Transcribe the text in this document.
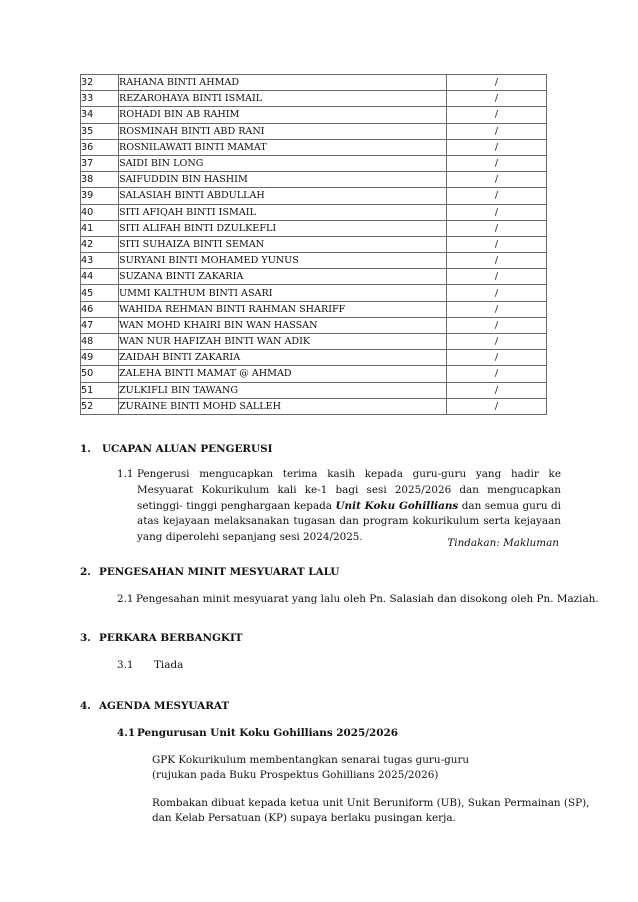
32	RAHANA BINTI AHMAD	/
33	REZAROHAYA BINTI ISMAIL	/
34	ROHADI BIN AB RAHIM	/
35	ROSMINAH BINTI ABD RANI	/
36	ROSNILAWATI BINTI MAMAT	/
37	SAIDI BIN LONG	/
38	SAIFUDDIN BIN HASHIM	/
39	SALASIAH BINTI ABDULLAH	/
40	SITI AFIQAH BINTI ISMAIL	/
41	SITI ALIFAH BINTI DZULKEFLI	/
42	SITI SUHAIZA BINTI SEMAN	/
43	SURYANI BINTI MOHAMED YUNUS	/
44	SUZANA BINTI ZAKARIA	/
45	UMMI KALTHUM BINTI ASARI	/
46	WAHIDA REHMAN BINTI RAHMAN SHARIFF	/
47	WAN MOHD KHAIRI BIN WAN HASSAN	/
48	WAN NUR HAFIZAH BINTI WAN ADIK	/
49	ZAIDAH BINTI ZAKARIA	/
50	ZALEHA BINTI MAMAT @ AHMAD	/
51	ZULKIFLI BIN TAWANG	/
52	ZURAINE BINTI MOHD SALLEH	/
1. UCAPAN ALUAN PENGERUSI
1.1 Pengerusi mengucapkan terima kasih kepada guru-guru yang hadir ke Mesyuarat Kokurikulum kali ke-1 bagi sesi 2025/2026 dan mengucapkan setinggi- tinggi penghargaan kepada Unit Koku Gohillians dan semua guru di atas kejayaan melaksanakan tugasan dan program kokurikulum serta kejayaan yang diperolehi sepanjang sesi 2024/2025.	Tindakan: Makluman
2. PENGESAHAN MINIT MESYUARAT LALU
2.1 Pengesahan minit mesyuarat yang lalu oleh Pn. Salasiah dan disokong oleh Pn. Maziah.
3. PERKARA BERBANGKIT
3.1 Tiada
4. AGENDA MESYUARAT
4.1 Pengurusan Unit Koku Gohillians 2025/2026
GPK Kokurikulum membentangkan senarai tugas guru-guru
(rujukan pada Buku Prospektus Gohillians 2025/2026)
Rombakan dibuat kepada ketua unit Unit Beruniform (UB), Sukan Permainan (SP),
dan Kelab Persatuan (KP) supaya berlaku pusingan kerja.
